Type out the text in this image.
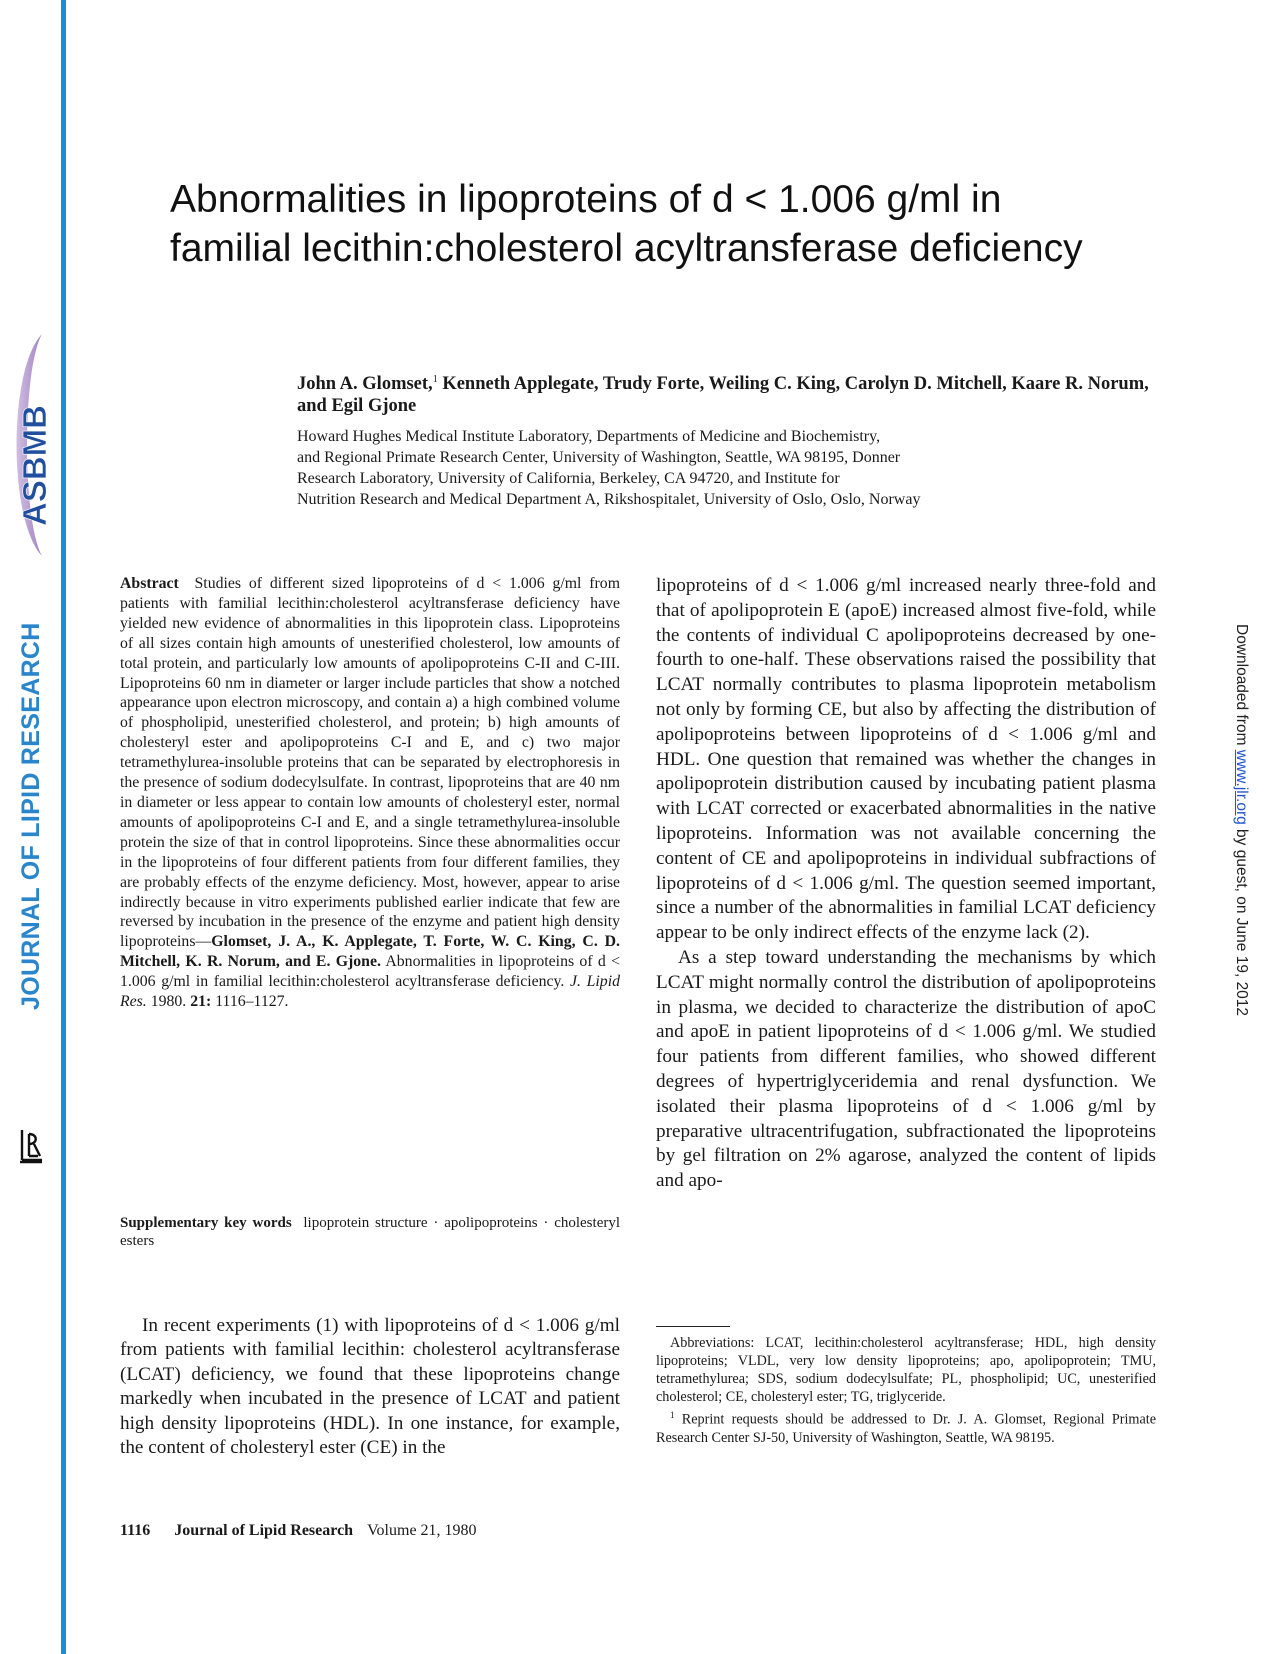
ASBMB
JOURNAL OF LIPID RESEARCH	Downloaded from www.jlr.org by guest, on June 19, 2012
Abnormalities in lipoproteins of d < 1.006 g/ml in familial lecithin:cholesterol acyltransferase deficiency
John A. Glomset,$^1$ Kenneth Applegate, Trudy Forte, Weiling C. King, Carolyn D. Mitchell, Kaare R. Norum, and Egil Gjone
Howard Hughes Medical Institute Laboratory, Departments of Medicine and Biochemistry,
and Regional Primate Research Center, University of Washington, Seattle, WA 98195, Donner
Research Laboratory, University of California, Berkeley, CA 94720, and Institute for
Nutrition Research and Medical Department A, Rikshospitalet, University of Oslo, Oslo, Norway

Abstract Studies of different sized lipoproteins of d < 1.006 g/ml from patients with familial lecithin:cholesterol acyltransferase deficiency have yielded new evidence of abnormalities in this lipoprotein class. Lipoproteins of all sizes contain high amounts of unesterified cholesterol, low amounts of total protein, and particularly low amounts of apolipoproteins C-II and C-III. Lipoproteins 60 nm in diameter or larger include particles that show a notched appearance upon electron microscopy, and contain a) a high combined volume of phospholipid, unesterified cholesterol, and protein; b) high amounts of cholesteryl ester and apolipoproteins C-I and E, and c) two major tetramethylurea-insoluble proteins that can be separated by electrophoresis in the presence of sodium dodecylsulfate. In contrast, lipoproteins that are 40 nm in diameter or less appear to contain low amounts of cholesteryl ester, normal amounts of apolipoproteins C-I and E, and a single tetramethylurea-insoluble protein the size of that in control lipoproteins. Since these abnormalities occur in the lipoproteins of four different patients from four different families, they are probably effects of the enzyme deficiency. Most, however, appear to arise indirectly because in vitro experiments published earlier indicate that few are reversed by incubation in the presence of the enzyme and patient high density lipoproteins—Glomset, J. A., K. Applegate, T. Forte, W. C. King, C. D. Mitchell, K. R. Norum, and E. Gjone. Abnormalities in lipoproteins of d < 1.006 g/ml in familial lecithin:cholesterol acyltransferase deficiency. J. Lipid Res. 1980. 21: 1116–1127.

Supplementary key words lipoprotein structure · apolipoproteins · cholesteryl esters

In recent experiments (1) with lipoproteins of d < 1.006 g/ml from patients with familial lecithin: cholesterol acyltransferase (LCAT) deficiency, we found that these lipoproteins change markedly when incubated in the presence of LCAT and patient high density lipoproteins (HDL). In one instance, for example, the content of cholesteryl ester (CE) in the

lipoproteins of d < 1.006 g/ml increased nearly three-fold and that of apolipoprotein E (apoE) increased almost five-fold, while the contents of individual C apolipoproteins decreased by one-fourth to one-half. These observations raised the possibility that LCAT normally contributes to plasma lipoprotein metabolism not only by forming CE, but also by affecting the distribution of apolipoproteins between lipoproteins of d < 1.006 g/ml and HDL. One question that remained was whether the changes in apolipoprotein distribution caused by incubating patient plasma with LCAT corrected or exacerbated abnormalities in the native lipoproteins. Information was not available concerning the content of CE and apolipoproteins in individual subfractions of lipoproteins of d < 1.006 g/ml. The question seemed important, since a number of the abnormalities in familial LCAT deficiency appear to be only indirect effects of the enzyme lack (2).

As a step toward understanding the mechanisms by which LCAT might normally control the distribution of apolipoproteins in plasma, we decided to characterize the distribution of apoC and apoE in patient lipoproteins of d < 1.006 g/ml. We studied four patients from different families, who showed different degrees of hypertriglyceridemia and renal dysfunction. We isolated their plasma lipoproteins of d < 1.006 g/ml by preparative ultracentrifugation, subfractionated the lipoproteins by gel filtration on 2% agarose, analyzed the content of lipids and apo-

Abbreviations: LCAT, lecithin:cholesterol acyltransferase; HDL, high density lipoproteins; VLDL, very low density lipoproteins; apo, apolipoprotein; TMU, tetramethylurea; SDS, sodium dodecylsulfate; PL, phospholipid; UC, unesterified cholesterol; CE, cholesteryl ester; TG, triglyceride.

$^1$ Reprint requests should be addressed to Dr. J. A. Glomset, Regional Primate Research Center SJ-50, University of Washington, Seattle, WA 98195.

1116 Journal of Lipid Research Volume 21, 1980
